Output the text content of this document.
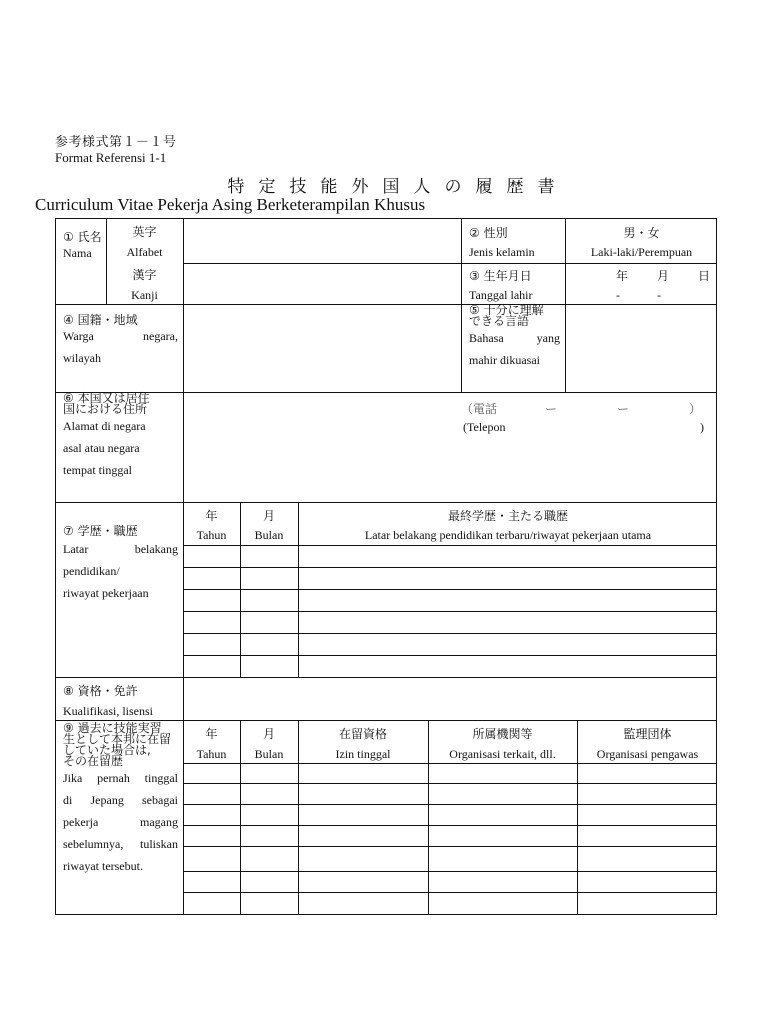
参考様式第１－１号
Format Referensi 1-1
特定技能外国人の履歴書
Curriculum Vitae Pekerja Asing Berketerampilan Khusus
① 氏名
Nama
英字
Alfabet
漢字
Kanji
② 性別
Jenis kelamin
男・女
Laki-laki/Perempuan
③ 生年月日
Tanggal lahir
年 月 日
-	-
④ 国籍・地域
Warga negara,
wilayah
⑤ 十分に理解
できる言語
Bahasa yang
mahir dikuasai
⑥ 本国又は居住
国における住所
Alamat di negara
asal atau negara
tempat tinggal
（電話　　　　ー　　　　　ー　　　　　）
(Telepon	)
⑦ 学歴・職歴
Latar belakang
pendidikan/
riwayat pekerjaan
年
Tahun
月
Bulan
最終学歴・主たる職歴
Latar belakang pendidikan terbaru/riwayat pekerjaan utama
⑧ 資格・免許
Kualifikasi, lisensi
⑨ 過去に技能実習
生として本邦に在留
していた場合は,
その在留歴
Jika pernah tinggal
di Jepang sebagai
pekerja magang
sebelumnya, tuliskan
riwayat tersebut.
年
Tahun
月
Bulan
在留資格
Izin tinggal
所属機関等
Organisasi terkait, dll.
監理団体
Organisasi pengawas
